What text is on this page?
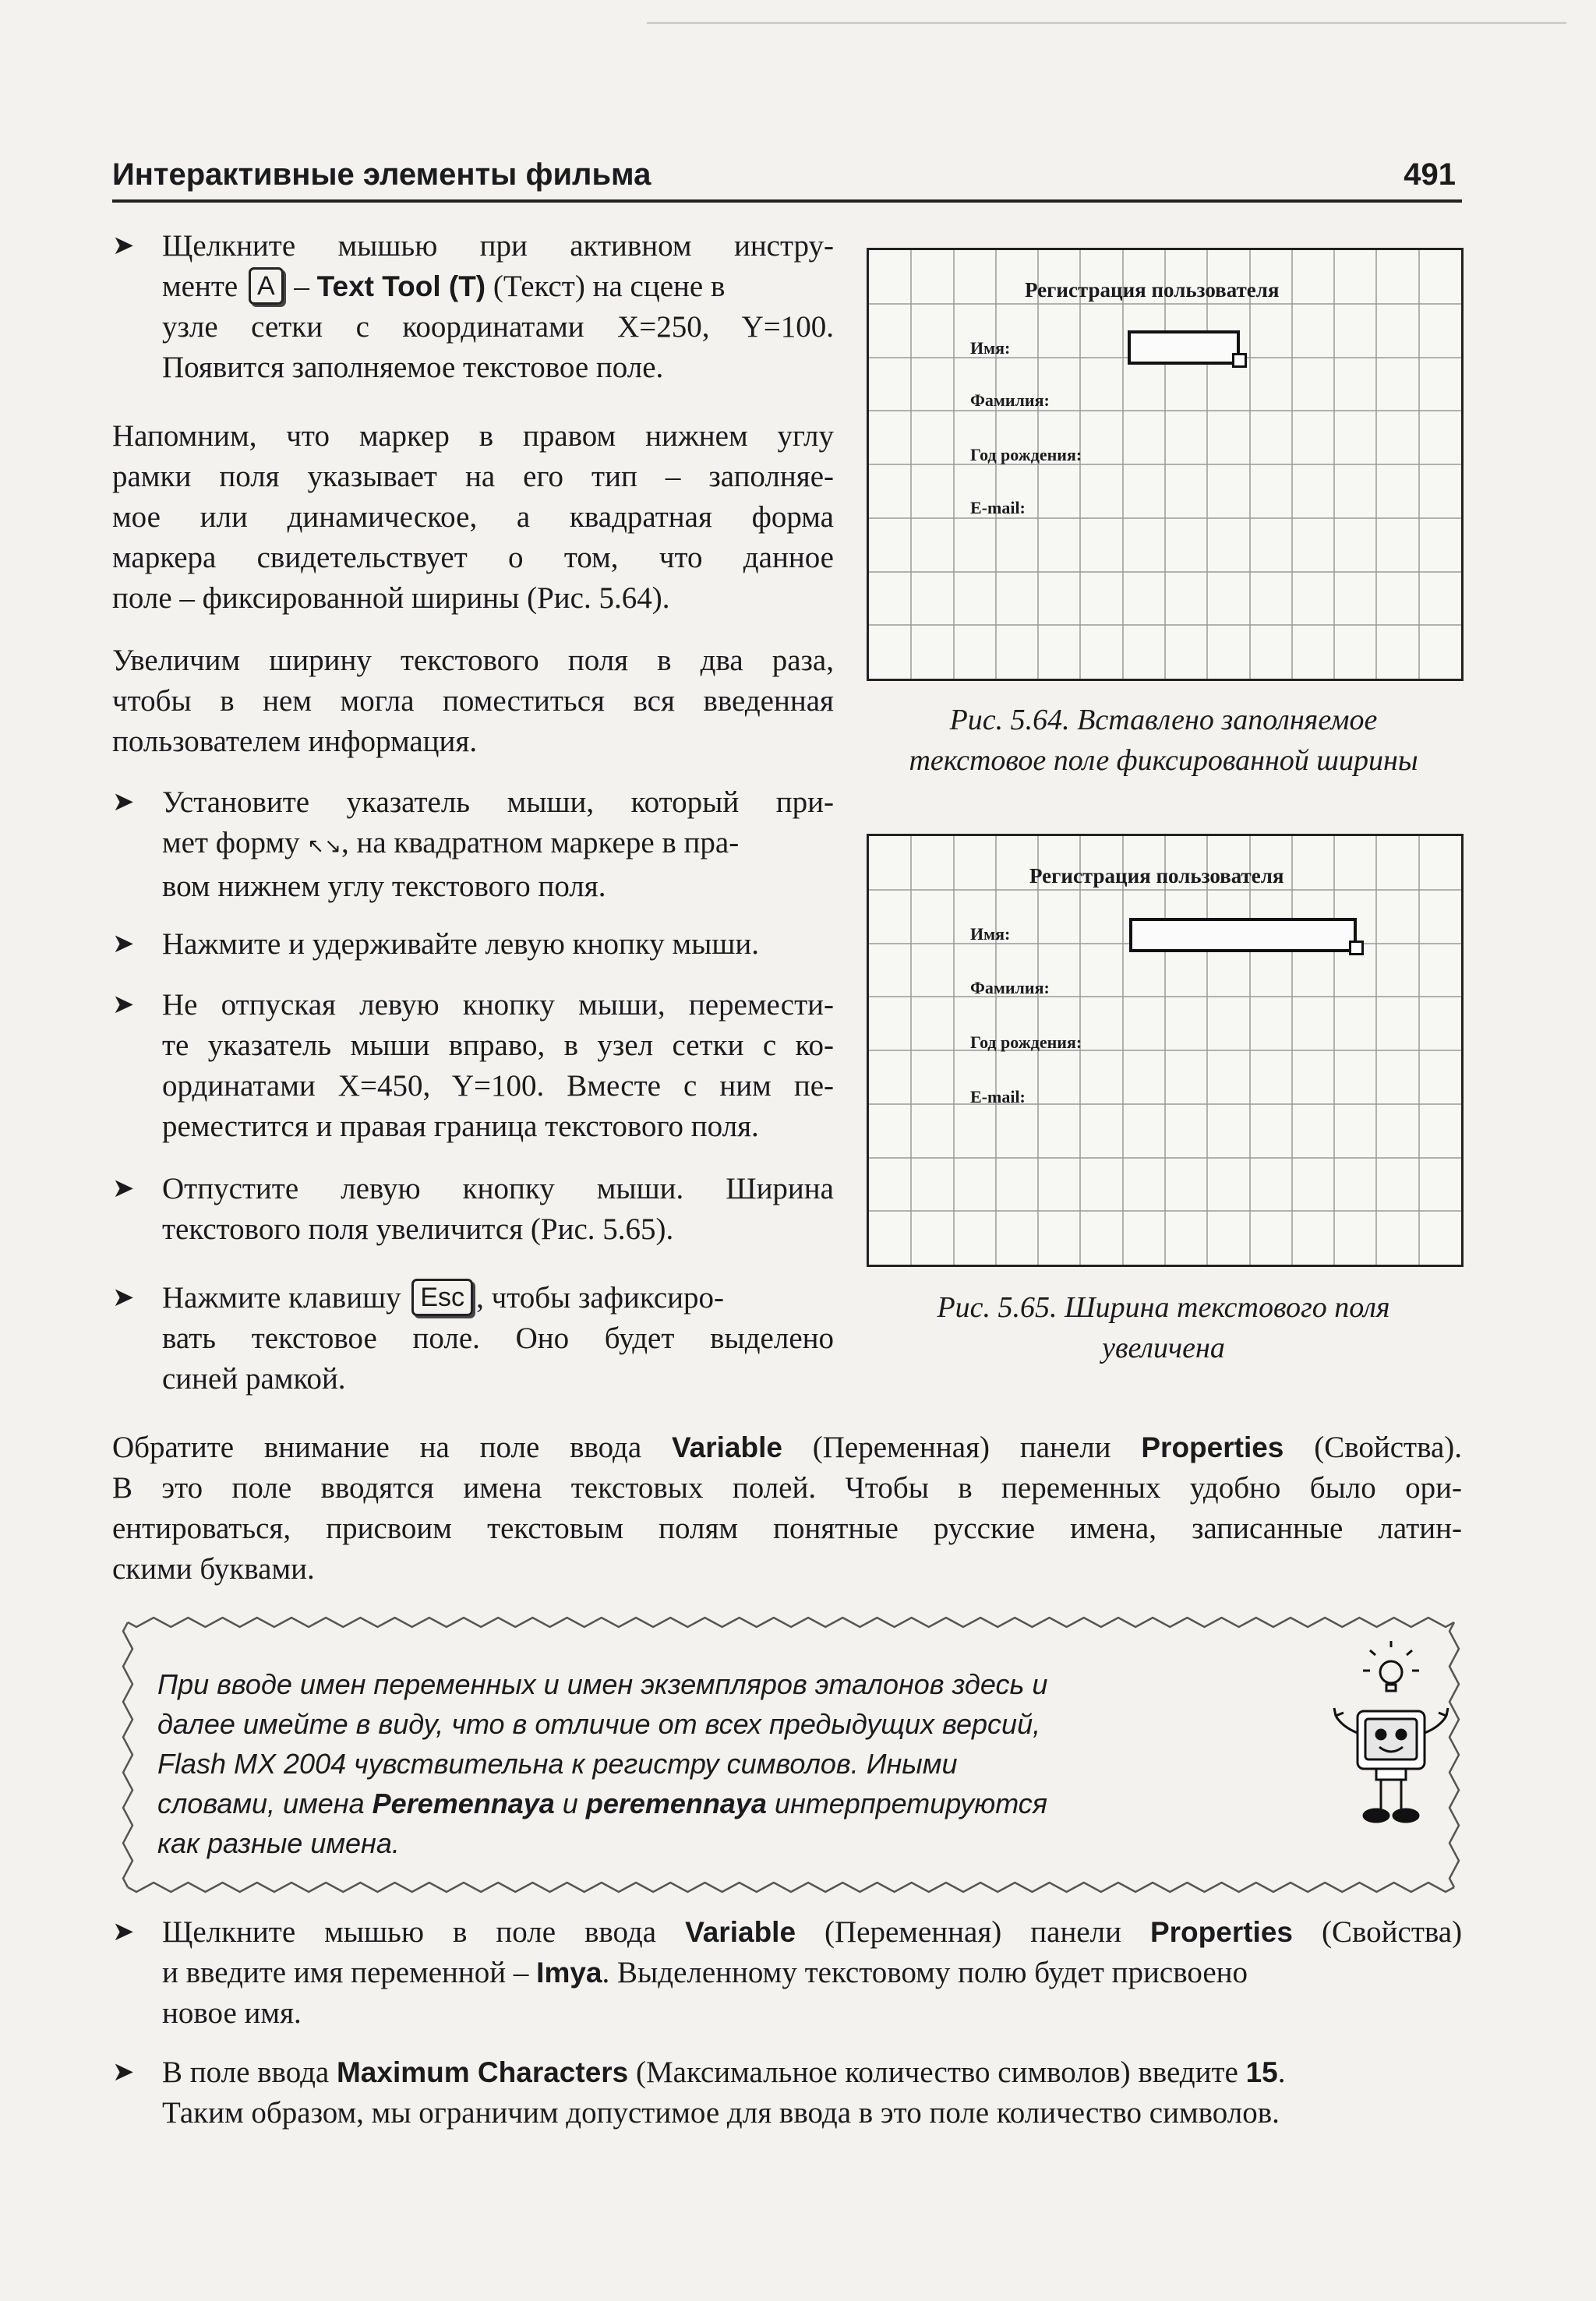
Интерактивные элементы фильма	491
➤ Щелкните мышью при активном инстру-
менте A – Text Tool (T) (Текст) на сцене в
узле сетки с координатами X=250, Y=100.
Появится заполняемое текстовое поле.
Напомним, что маркер в правом нижнем углу
рамки поля указывает на его тип – заполняе-
мое или динамическое, а квадратная форма
маркера свидетельствует о том, что данное
поле – фиксированной ширины (Рис. 5.64).
Увеличим ширину текстового поля в два раза,
чтобы в нем могла поместиться вся введенная
пользователем информация.
➤ Установите указатель мыши, который при-
мет форму ↖↘, на квадратном маркере в пра-
вом нижнем углу текстового поля.
➤ Нажмите и удерживайте левую кнопку мыши.
➤ Не отпуская левую кнопку мыши, перемести-
те указатель мыши вправо, в узел сетки с ко-
ординатами X=450, Y=100. Вместе с ним пе-
реместится и правая граница текстового поля.
➤ Отпустите левую кнопку мыши. Ширина
текстового поля увеличится (Рис. 5.65).
➤ Нажмите клавишу Esc , чтобы зафиксиро-
вать текстовое поле. Оно будет выделено
синей рамкой.
Регистрация пользователя
Имя:
Фамилия:
Год рождения:
E-mail:
Рис. 5.64. Вставлено заполняемое
текстовое поле фиксированной ширины
Регистрация пользователя
Имя:
Фамилия:
Год рождения:
E-mail:
Рис. 5.65. Ширина текстового поля
увеличена
Обратите внимание на поле ввода Variable (Переменная) панели Properties (Свойства).
В это поле вводятся имена текстовых полей. Чтобы в переменных удобно было ори-
ентироваться, присвоим текстовым полям понятные русские имена, записанные латин-
скими буквами.
При вводе имен переменных и имен экземпляров эталонов здесь и
далее имейте в виду, что в отличие от всех предыдущих версий,
Flash MX 2004 чувствительна к регистру символов. Иными
словами, имена Peremennaya и peremennaya интерпретируются
как разные имена.
➤ Щелкните мышью в поле ввода Variable (Переменная) панели Properties (Свойства)
и введите имя переменной – Imya. Выделенному текстовому полю будет присвоено
новое имя.
➤ В поле ввода Maximum Characters (Максимальное количество символов) введите 15.
Таким образом, мы ограничим допустимое для ввода в это поле количество символов.
